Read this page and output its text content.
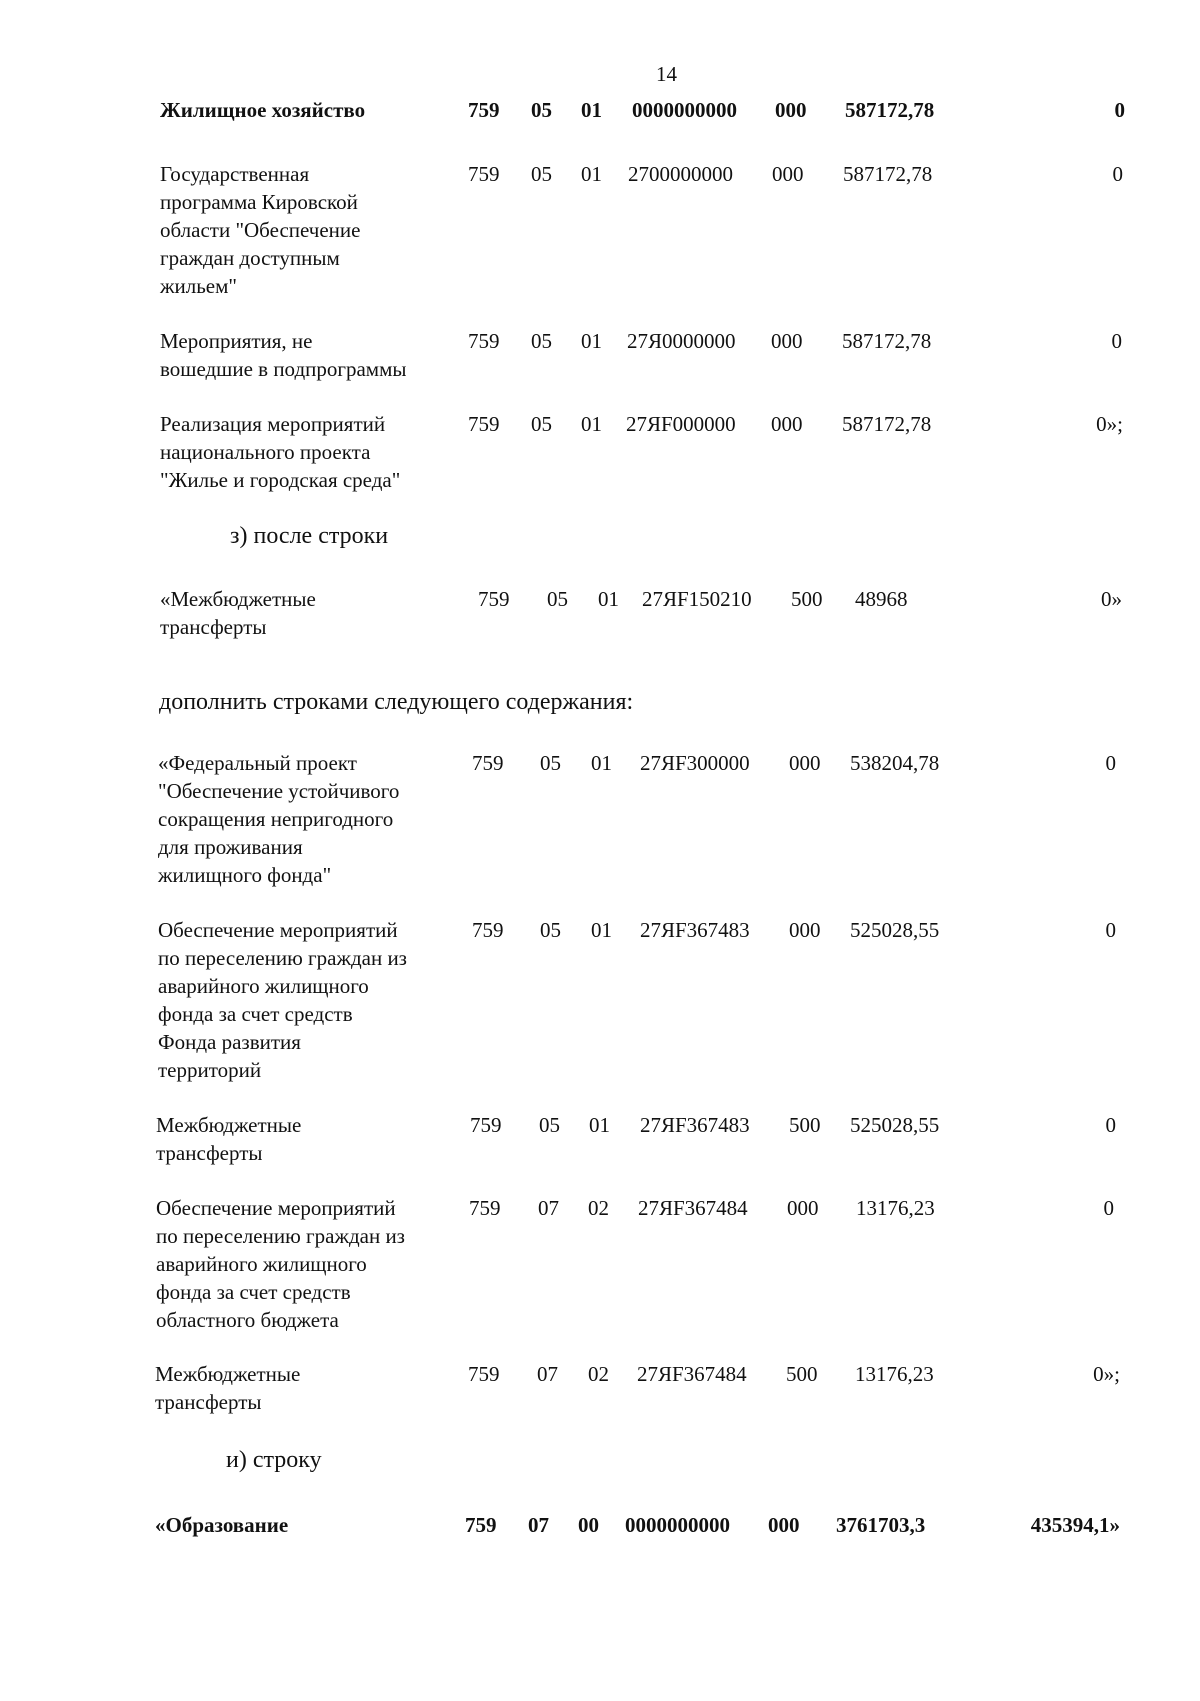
14
Жилищное хозяйство	759 05 01 0000000000 000 587172,78	0
Государственная
программа Кировской
области "Обеспечение
граждан доступным
жильем"
759 05 01 2700000000 000 587172,78	0
Мероприятия, не
вошедшие в подпрограммы
759 05 01 27Я0000000 000 587172,78	0
Реализация мероприятий
национального проекта
"Жилье и городская среда"
759 05 01 27ЯF000000 000 587172,78	0»;
з) после строки
«Межбюджетные
трансферты
759 05 01 27ЯF150210 500 48968	0»
дополнить строками следующего содержания:
«Федеральный проект
"Обеспечение устойчивого
сокращения непригодного
для проживания
жилищного фонда"
759 05 01 27ЯF300000 000 538204,78	0
Обеспечение мероприятий
по переселению граждан из
аварийного жилищного
фонда за счет средств
Фонда развития
территорий
759 05 01 27ЯF367483 000 525028,55	0
Межбюджетные
трансферты
759 05 01 27ЯF367483 500 525028,55	0
Обеспечение мероприятий
по переселению граждан из
аварийного жилищного
фонда за счет средств
областного бюджета
759 07 02 27ЯF367484 000 13176,23	0
Межбюджетные
трансферты
759 07 02 27ЯF367484 500 13176,23	0»;
и) строку
«Образование	759 07 00 0000000000 000 3761703,3	435394,1»
